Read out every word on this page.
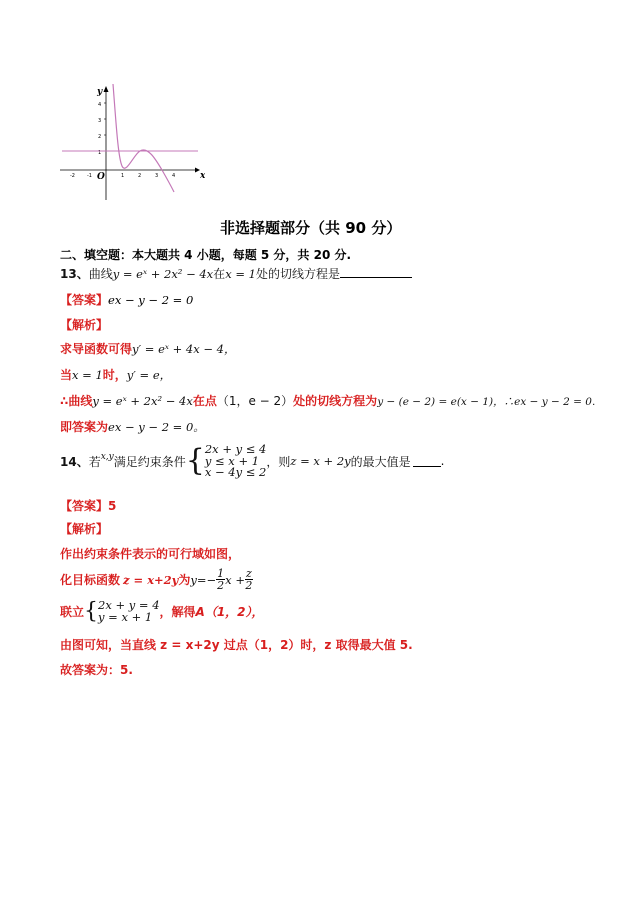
4
3
2
1
-2 -1	1	2	3	4
y
x
O
非选择题部分（共 90 分）
二、填空题：本大题共 4 小题，每题 5 分，共 20 分.
13、曲线y = eˣ + 2x² − 4x在x = 1处的切线方程是
【答案】ex − y − 2 = 0
【解析】
求导函数可得y′ = eˣ + 4x − 4，
当x = 1时，y′ = e，
∴曲线y = eˣ + 2x² − 4x在点（1，e − 2）处的切线方程为y − (e − 2) = e(x − 1)，∴ex − y − 2 = 0.
即答案为ex − y − 2 = 0。
14、 若 x,y 满足约束条件 { 2x + y ≤ 4
y ≤ x + 1
x − 4y ≤ 2
，则 z = x + 2y 的最大值是	.
【答案】5
【解析】
作出约束条件表示的可行域如图，
化目标函数 z = x+2y 为 $y=- \frac{1}{2}$ $x + \frac{z}{2}$
联立 { 2x + y = 4
y = x + 1 ，解得 A（1，2），
由图可知，当直线 z = x+2y 过点（1，2）时，z 取得最大值 5.
故答案为：5.
